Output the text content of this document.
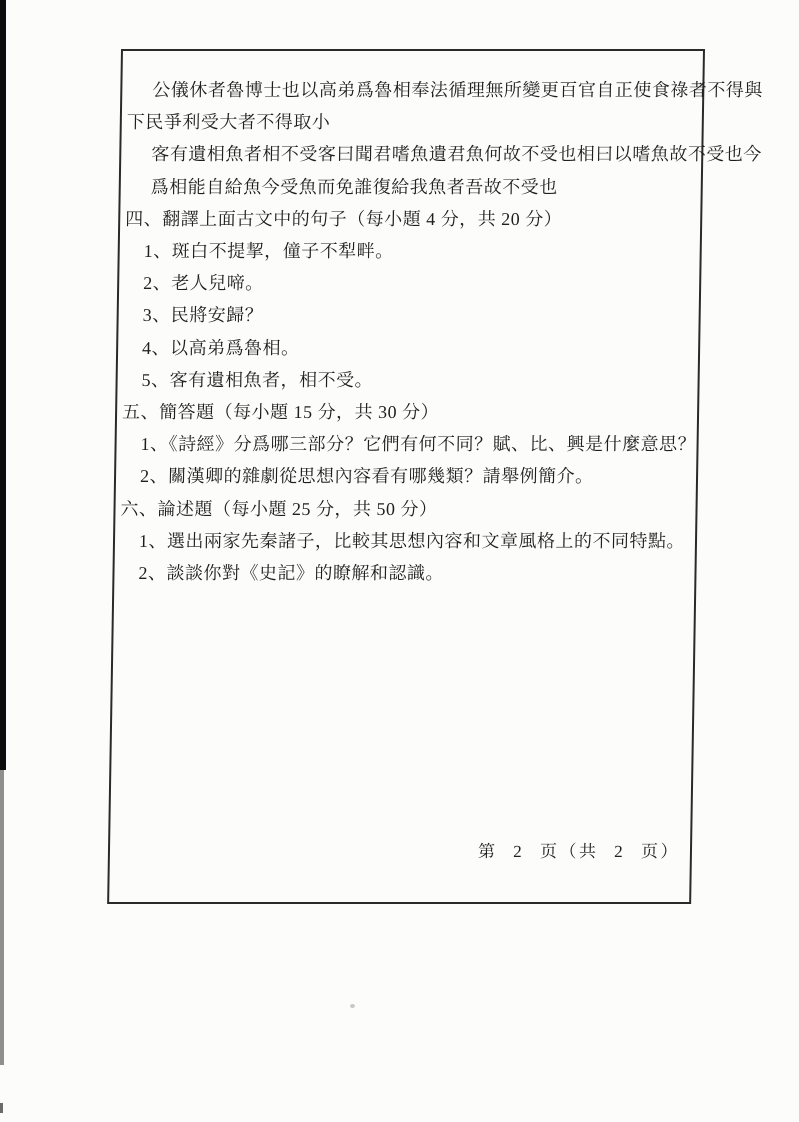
公儀休者魯博士也以高弟爲魯相奉法循理無所變更百官自正使食祿者不得與
下民爭利受大者不得取小
客有遺相魚者相不受客曰聞君嗜魚遺君魚何故不受也相曰以嗜魚故不受也今
爲相能自給魚今受魚而免誰復給我魚者吾故不受也
四、翻譯上面古文中的句子（每小題 4 分，共 20 分）
1、斑白不提挈，僮子不犁畔。
2、老人兒啼。
3、民將安歸？
4、以高弟爲魯相。
5、客有遺相魚者，相不受。
五、簡答題（每小題 15 分，共 30 分）
1、《詩經》分爲哪三部分？它們有何不同？賦、比、興是什麼意思？
2、關漢卿的雜劇從思想內容看有哪幾類？請舉例簡介。
六、論述題（每小題 25 分，共 50 分）
1、選出兩家先秦諸子，比較其思想內容和文章風格上的不同特點。
2、談談你對《史記》的瞭解和認識。
第 2 页（共 2 页）
